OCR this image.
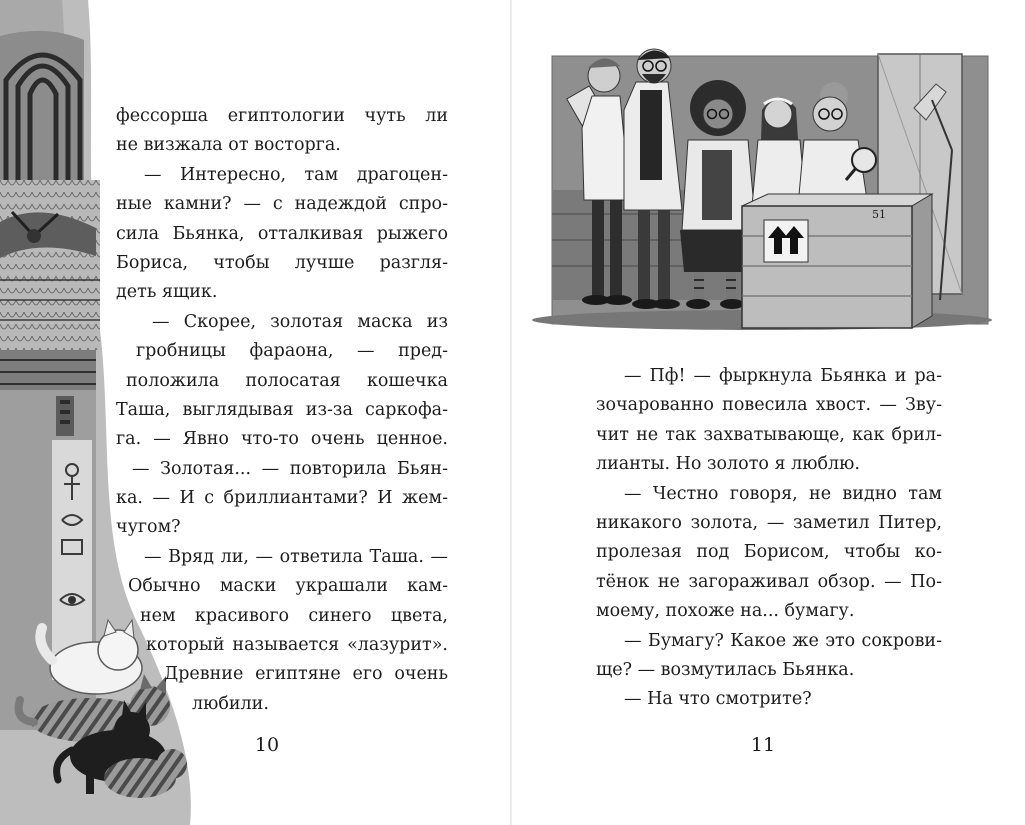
фессорша египтологии чуть ли
не визжала от восторга.
— Интересно, там драгоцен-
ные камни? — с надеждой спро-
сила Бьянка, отталкивая рыжего
Бориса, чтобы лучше разгля-
деть ящик.
— Скорее, золотая маска из
гробницы фараона, — пред-
положила полосатая кошечка
Таша, выглядывая из-за саркофа-
га. — Явно что-то очень ценное.
— Золотая... — повторила Бьян-
ка. — И с бриллиантами? И жем-
чугом?
— Вряд ли, — ответила Таша. —
Обычно маски украшали кам-
нем красивого синего цвета,
который называется «лазурит».
Древние египтяне его очень
любили.
10
51
— Пф! — фыркнула Бьянка и ра-
зочарованно повесила хвост. — Зву-
чит не так захватывающе, как брил-
лианты. Но золото я люблю.
— Честно говоря, не видно там
никакого золота, — заметил Питер,
пролезая под Борисом, чтобы ко-
тёнок не загораживал обзор. — По-
моему, похоже на... бумагу.
— Бумагу? Какое же это сокрови-
ще? — возмутилась Бьянка.
— На что смотрите?
11
